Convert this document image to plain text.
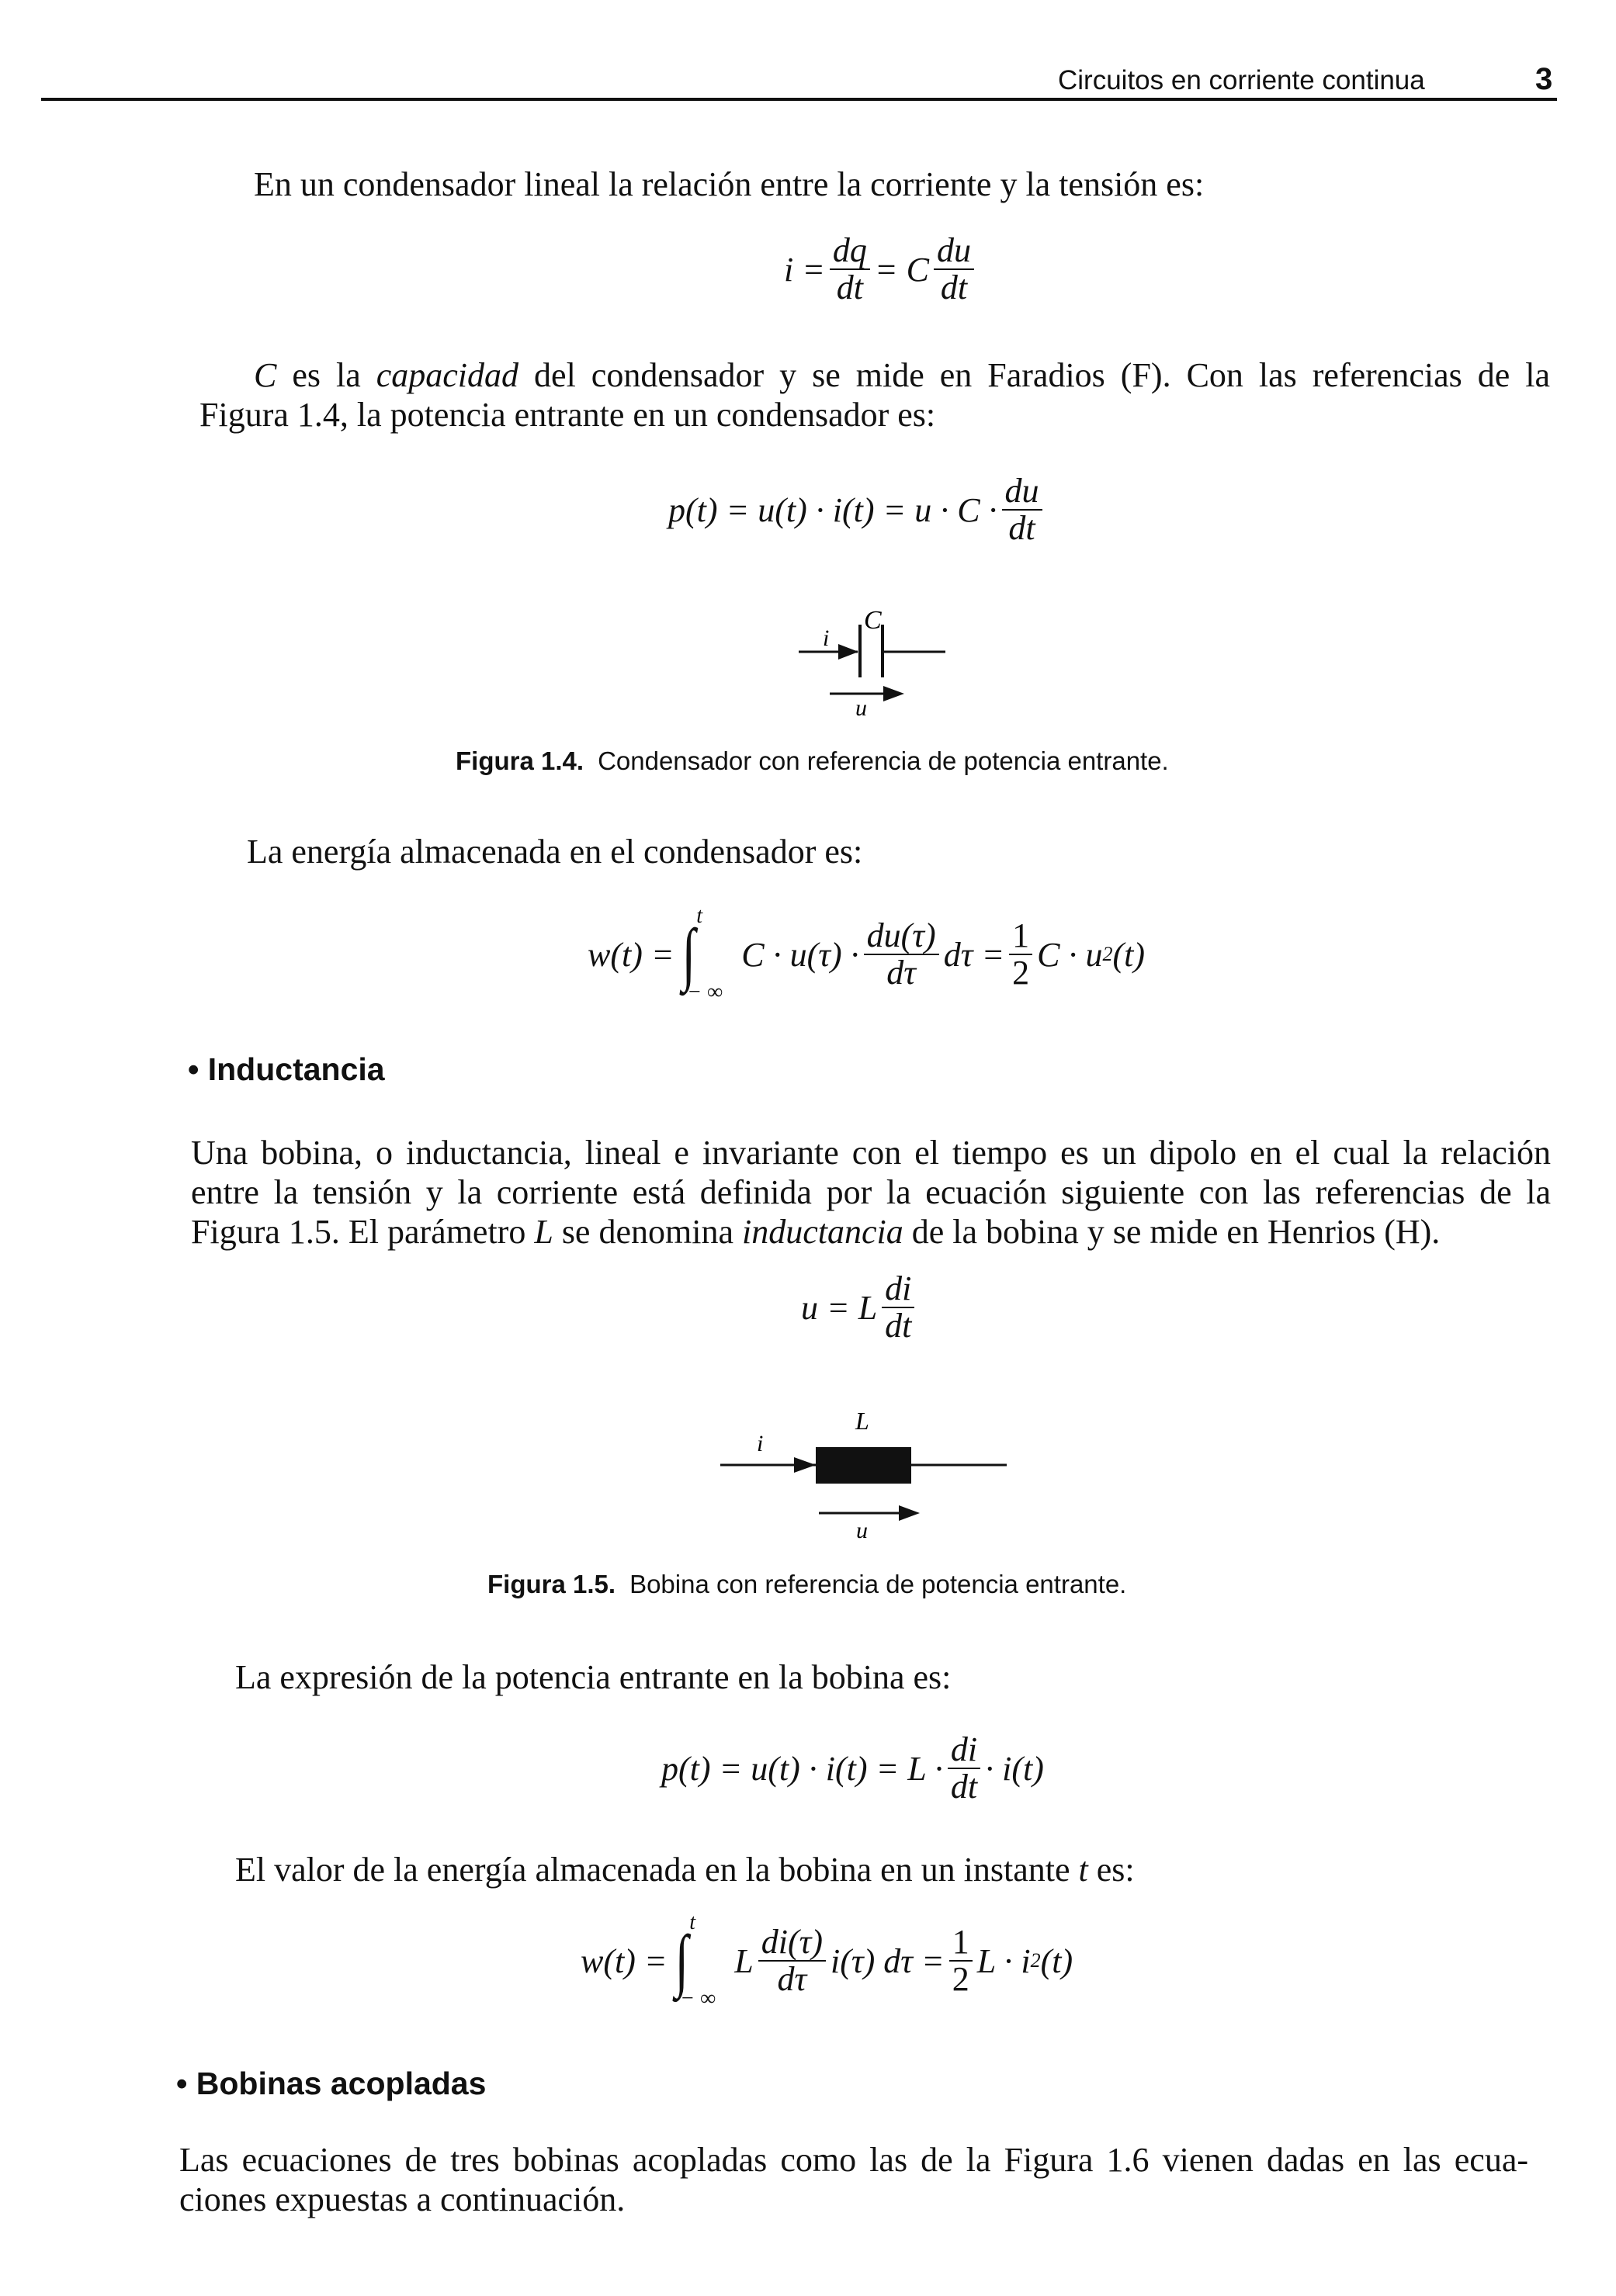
Circuitos en corriente continua	3
En un condensador lineal la relación entre la corriente y la tensión es:
$i = \frac{dq}{dt} = C \frac{du}{dt}$
C es la capacidad del condensador y se mide en Faradios (F). Con las referencias de la
Figura 1.4, la potencia entrante en un condensador es:
$p(t) = u(t) \cdot i(t) = u \cdot C \cdot \frac{du}{dt}$
C
i
u
Figura 1.4. Condensador con referencia de potencia entrante.
La energía almacenada en el condensador es:
w(t) = ∫ t
− ∞
$C \cdot u(\tau) \cdot \frac{du(\tau)}{d\tau}$ $d\tau = \frac{1}{2}$ C · u 2 (t)
• Inductancia
Una bobina, o inductancia, lineal e invariante con el tiempo es un dipolo en el cual la relación
entre la tensión y la corriente está definida por la ecuación siguiente con las referencias de la
Figura 1.5. El parámetro L se denomina inductancia de la bobina y se mide en Henrios (H).
u = L $\frac{di}{dt}$
L
i
u
Figura 1.5. Bobina con referencia de potencia entrante.
La expresión de la potencia entrante en la bobina es:
$p(t) = u(t) \cdot i(t) = L \cdot \frac{di}{dt} \cdot i(t)$
El valor de la energía almacenada en la bobina en un instante t es:
w(t) = ∫ t
− ∞
L $\frac{di(\tau)}{d\tau} i(\tau) d\tau = \frac{1}{2}$ L · i 2 (t)
• Bobinas acopladas
Las ecuaciones de tres bobinas acopladas como las de la Figura 1.6 vienen dadas en las ecua-
ciones expuestas a continuación.
